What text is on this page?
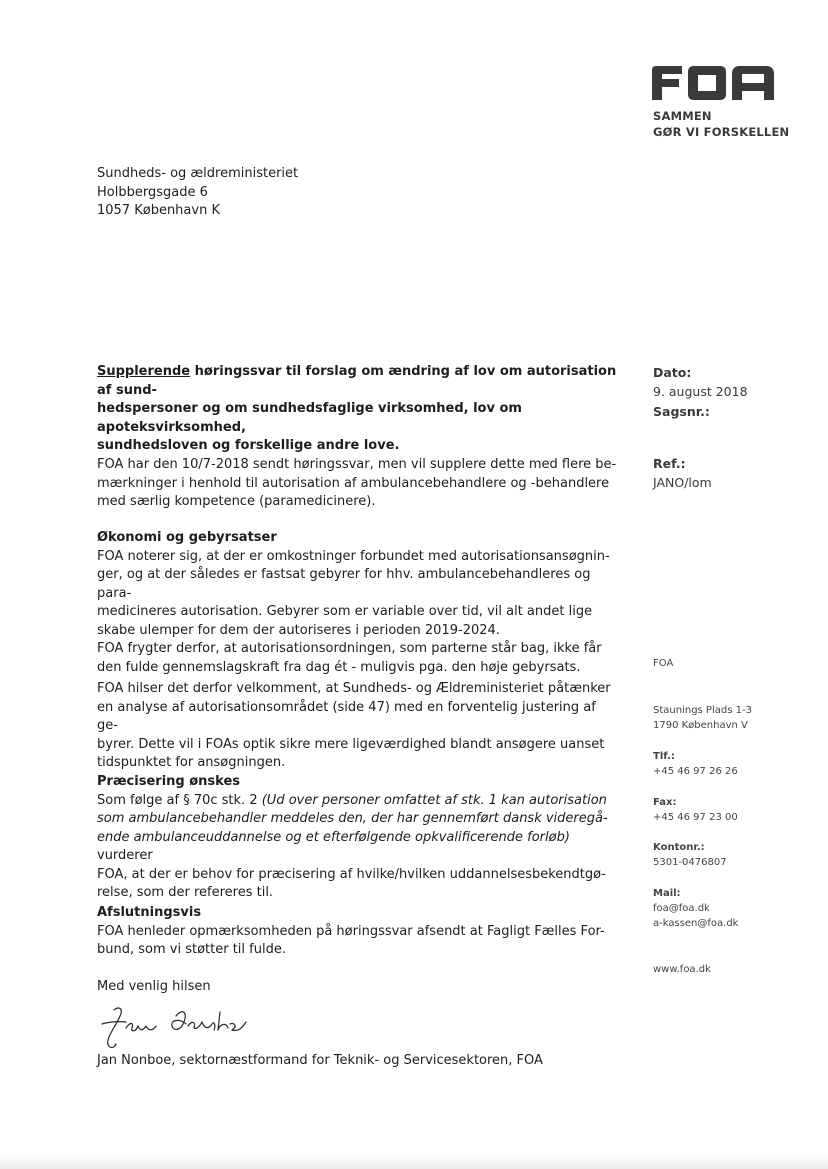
SAMMEN
GØR VI FORSKELLEN
Sundheds- og ældreministeriet
Holbbergsgade 6
1057 København K
Supplerende høringssvar til forslag om ændring af lov om autorisation af sund-
hedspersoner og om sundhedsfaglige virksomhed, lov om apoteksvirksomhed,
sundhedsloven og forskellige andre love.
Dato:
9. august 2018
Sagsnr.:
Ref.:
JANO/lom
FOA har den 10/7-2018 sendt høringssvar, men vil supplere dette med flere be-
mærkninger i henhold til autorisation af ambulancebehandlere og -behandlere
med særlig kompetence (paramedicinere).
Økonomi og gebyrsatser
FOA noterer sig, at der er omkostninger forbundet med autorisationsansøgnin-
ger, og at der således er fastsat gebyrer for hhv. ambulancebehandleres og para-
medicineres autorisation. Gebyrer som er variable over tid, vil alt andet lige
skabe ulemper for dem der autoriseres i perioden 2019-2024.
FOA frygter derfor, at autorisationsordningen, som parterne står bag, ikke får
den fulde gennemslagskraft fra dag ét - muligvis pga. den høje gebyrsats.
FOA hilser det derfor velkomment, at Sundheds- og Ældreministeriet påtænker
en analyse af autorisationsområdet (side 47) med en forventelig justering af ge-
byrer. Dette vil i FOAs optik sikre mere ligeværdighed blandt ansøgere uanset
tidspunktet for ansøgningen.
Præcisering ønskes
Som følge af § 70c stk. 2 (Ud over personer omfattet af stk. 1 kan autorisation
som ambulancebehandler meddeles den, der har gennemført dansk videregå-
ende ambulanceuddannelse og et efterfølgende opkvalificerende forløb) vurderer
FOA, at der er behov for præcisering af hvilke/hvilken uddannelsesbekendtgø-
relse, som der refereres til.
Afslutningsvis
FOA henleder opmærksomheden på høringssvar afsendt at Fagligt Fælles For-
bund, som vi støtter til fulde.
Med venlig hilsen
Jan Nonboe, sektornæstformand for Teknik- og Servicesektoren, FOA
FOA
Staunings Plads 1-3
1790 København V
Tlf.:
+45 46 97 26 26
Fax:
+45 46 97 23 00
Kontonr.:
5301-0476807
Mail:
foa@foa.dk
a-kassen@foa.dk
www.foa.dk
